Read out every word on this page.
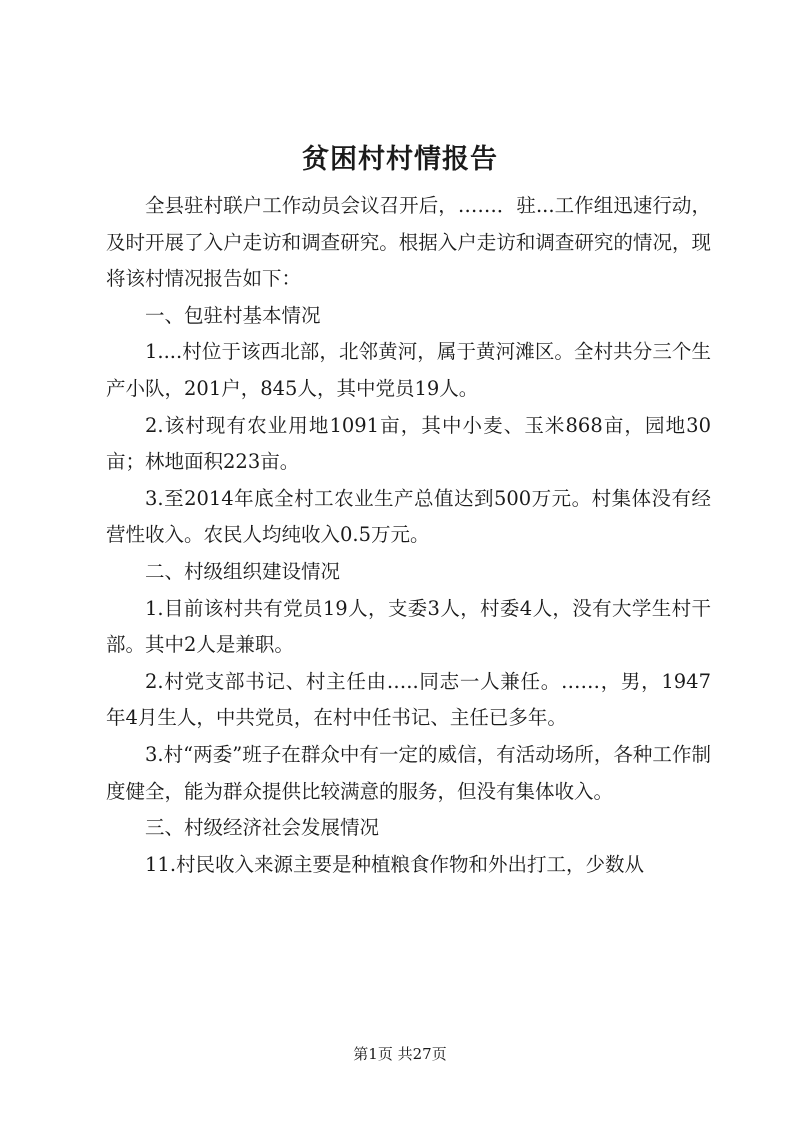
贫困村村情报告

全县驻村联户工作动员会议召开后，……．驻...工作组迅速行动，及时开展了入户走访和调查研究。根据入户走访和调查研究的情况，现将该村情况报告如下：

一、包驻村基本情况

1....村位于该西北部，北邻黄河，属于黄河滩区。全村共分三个生产小队，201户，845人，其中党员19人。

2.该村现有农业用地1091亩，其中小麦、玉米868亩，园地30亩；林地面积223亩。

3.至2014年底全村工农业生产总值达到500万元。村集体没有经营性收入。农民人均纯收入0.5万元。

二、村级组织建设情况

1.目前该村共有党员19人，支委3人，村委4人，没有大学生村干部。其中2人是兼职。

2.村党支部书记、村主任由…..同志一人兼任。……，男，1947年4月生人，中共党员，在村中任书记、主任已多年。

3.村“两委”班子在群众中有一定的威信，有活动场所，各种工作制度健全，能为群众提供比较满意的服务，但没有集体收入。

三、村级经济社会发展情况

11.村民收入来源主要是种植粮食作物和外出打工，少数从

第1页 共27页
